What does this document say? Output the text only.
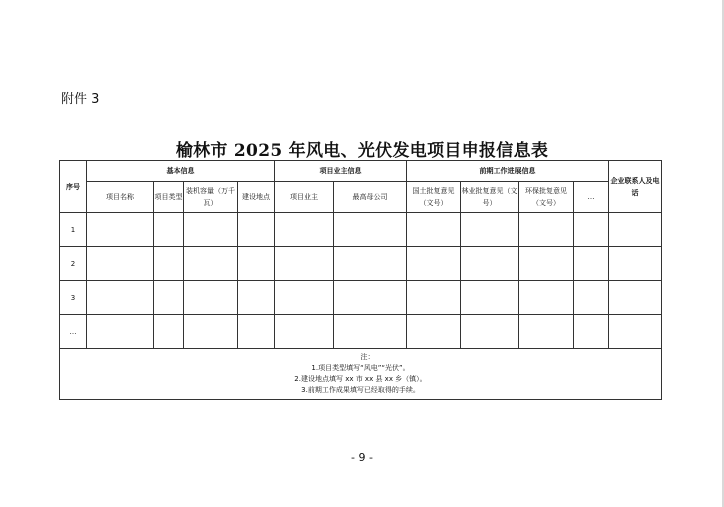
附件 3
榆林市 2025 年风电、光伏发电项目申报信息表
序号	基本信息				项目业主信息		前期工作进展信息				企业联系人及电话
	项目名称	项目类型	装机容量（万千瓦）	建设地点	项目业主	最高母公司	国土批复意见（文号）	林业批复意见（文号）	环保批复意见（文号）	…	
1											
2											
3											
…											

注：
1.项目类型填写“风电”“光伏”。
2.建设地点填写 xx 市 xx 县 xx 乡（镇）。
3.前期工作成果填写已经取得的手续。											
- 9 -
